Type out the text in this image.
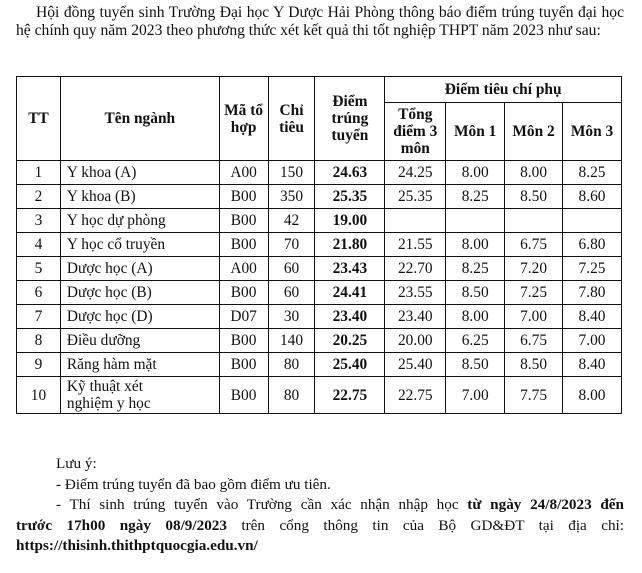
Hội đồng tuyển sinh Trường Đại học Y Dược Hải Phòng thông báo điểm trúng tuyển đại học hệ chính quy năm 2023 theo phương thức xét kết quả thi tốt nghiệp THPT năm 2023 như sau:

TT	Tên ngành	Mã tổ hợp	Chỉ tiêu	Điểm trúng tuyển	Điểm tiêu chí phụ			
					Tổng điểm 3 môn	Môn 1	Môn 2	Môn 3
1	Y khoa (A)	A00	150	24.63	24.25	8.00	8.00	8.25
2	Y khoa (B)	B00	350	25.35	25.35	8.25	8.50	8.60
3	Y học dự phòng	B00	42	19.00				
4	Y học cổ truyền	B00	70	21.80	21.55	8.00	6.75	6.80
5	Dược học (A)	A00	60	23.43	22.70	8.25	7.20	7.25
6	Dược học (B)	B00	60	24.41	23.55	8.50	7.25	7.80
7	Dược học (D)	D07	30	23.40	23.40	8.00	7.00	8.40
8	Điều dưỡng	B00	140	20.25	20.00	6.25	6.75	7.00
9	Răng hàm mặt	B00	80	25.40	25.40	8.50	8.50	8.40
10	Kỹ thuật xét nghiệm y học	B00	80	22.75	22.75	7.00	7.75	8.00

Lưu ý:

- Điểm trúng tuyển đã bao gồm điểm ưu tiên.

- Thí sinh trúng tuyển vào Trường cần xác nhận nhập học từ ngày 24/8/2023 đến

trước 17h00 ngày 08/9/2023 trên cổng thông tin của Bộ GD&ĐT tại địa chỉ:

https://thisinh.thithptquocgia.edu.vn/
